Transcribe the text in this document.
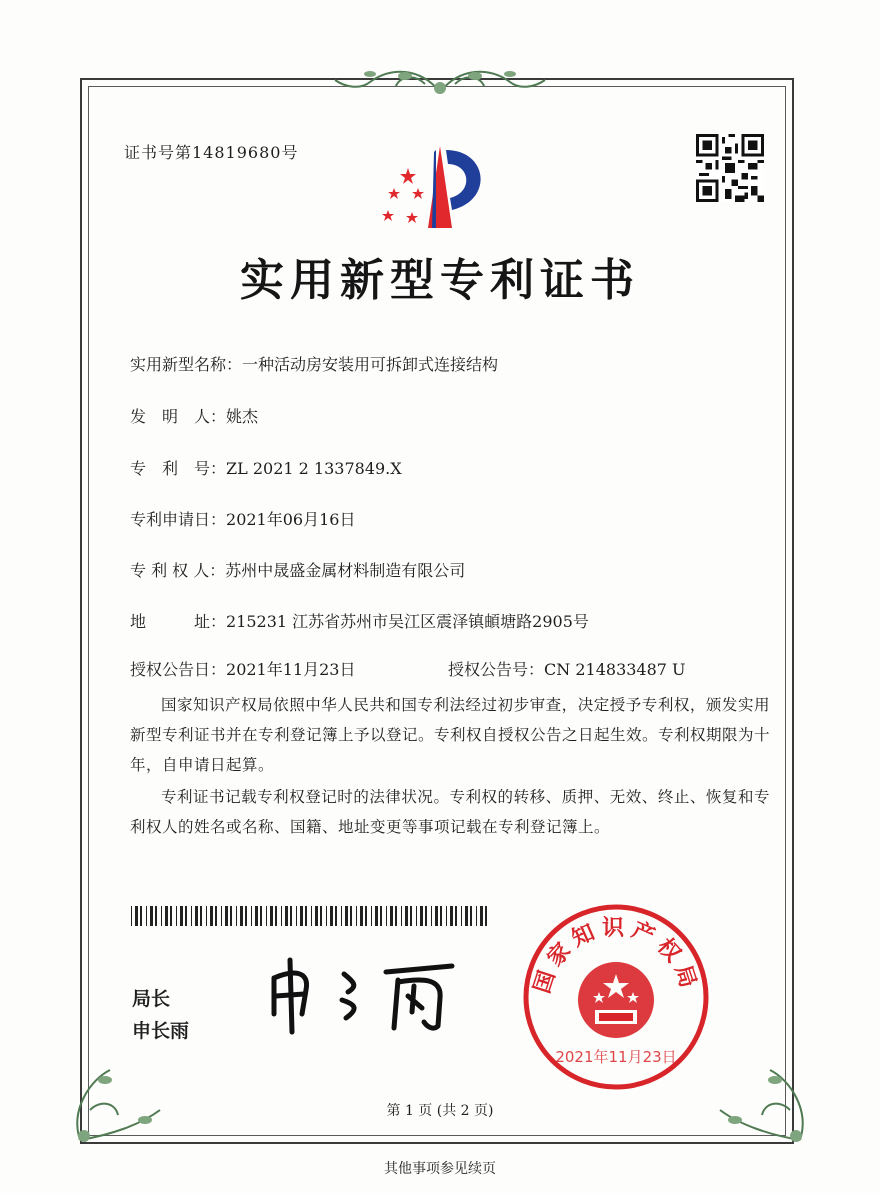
证书号第14819680号
实用新型专利证书
实用新型名称：一种活动房安装用可拆卸式连接结构
发　明　人：姚杰
专　利　号：ZL 2021 2 1337849.X
专利申请日：2021年06月16日
专 利 权 人：苏州中晟盛金属材料制造有限公司
地　　　址：215231 江苏省苏州市吴江区震泽镇頔塘路2905号
授权公告日：2021年11月23日	授权公告号：CN 214833487 U
国家知识产权局依照中华人民共和国专利法经过初步审查，决定授予专利权，颁发实用新型专利证书并在专利登记簿上予以登记。专利权自授权公告之日起生效。专利权期限为十年，自申请日起算。
专利证书记载专利权登记时的法律状况。专利权的转移、质押、无效、终止、恢复和专利权人的姓名或名称、国籍、地址变更等事项记载在专利登记簿上。
局长
申长雨
国家知识产权局
2021年11月23日
第 1 页 (共 2 页)
其他事项参见续页
